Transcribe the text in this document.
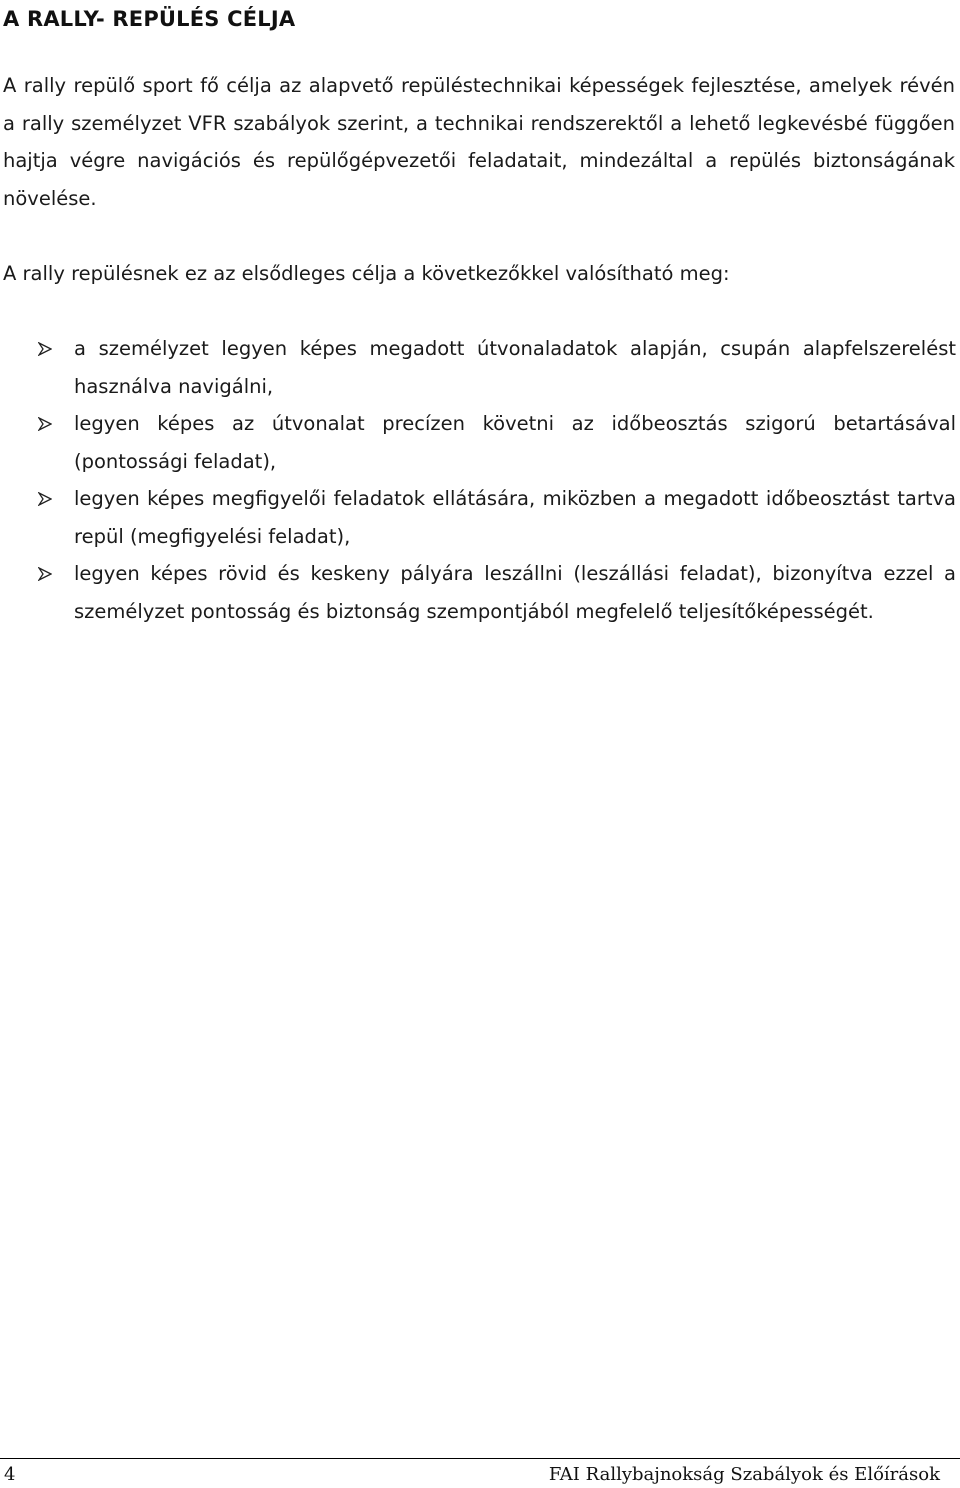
A RALLY- REPÜLÉS CÉLJA

A rally repülő sport fő célja az alapvető repüléstechnikai képességek fejlesztése, amelyek révén a rally személyzet VFR szabályok szerint, a technikai rendszerektől a lehető legkevésbé függően hajtja végre navigációs és repülőgépvezetői feladatait, mindezáltal a repülés biztonságának növelése.

A rally repülésnek ez az elsődleges célja a következőkkel valósítható meg:

a személyzet legyen képes megadott útvonaladatok alapján, csupán alapfelszerelést használva navigálni,
legyen képes az útvonalat precízen követni az időbeosztás szigorú betartásával (pontossági feladat),
legyen képes megfigyelői feladatok ellátására, miközben a megadott időbeosztást tartva repül (megfigyelési feladat),
legyen képes rövid és keskeny pályára leszállni (leszállási feladat), bizonyítva ezzel a személyzet pontosság és biztonság szempontjából megfelelő teljesítőképességét.
4	FAI Rallybajnokság Szabályok és Előírások
